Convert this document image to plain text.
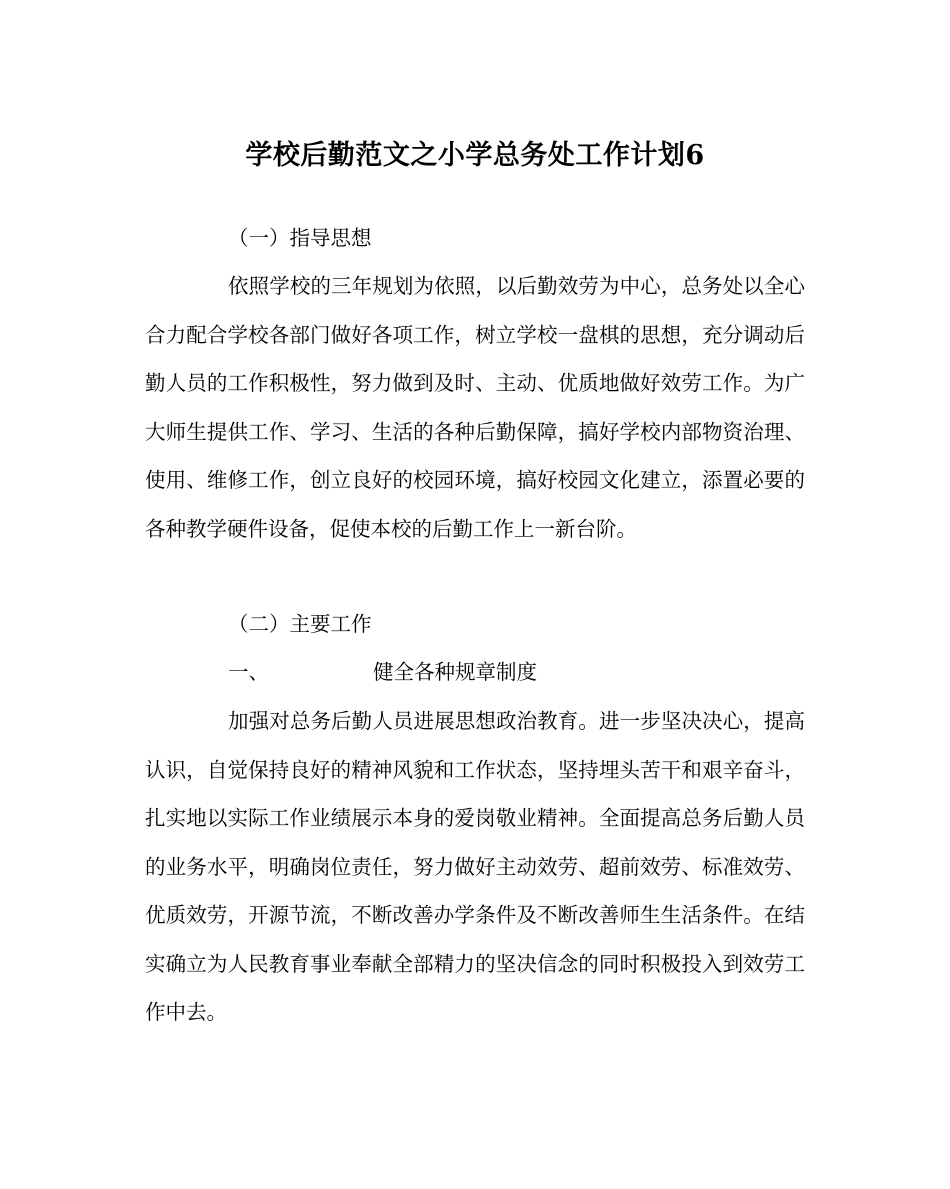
学校后勤范文之小学总务处工作计划6
（一）指导思想

依照学校的三年规划为依照，以后勤效劳为中心，总务处以全心合力配合学校各部门做好各项工作，树立学校一盘棋的思想，充分调动后勤人员的工作积极性，努力做到及时、主动、优质地做好效劳工作。为广大师生提供工作、学习、生活的各种后勤保障，搞好学校内部物资治理、使用、维修工作，创立良好的校园环境，搞好校园文化建立，添置必要的各种教学硬件设备，促使本校的后勤工作上一新台阶。

（二）主要工作
一、	健全各种规章制度

加强对总务后勤人员进展思想政治教育。进一步坚决决心，提高认识，自觉保持良好的精神风貌和工作状态，坚持埋头苦干和艰辛奋斗，扎实地以实际工作业绩展示本身的爱岗敬业精神。全面提高总务后勤人员的业务水平，明确岗位责任，努力做好主动效劳、超前效劳、标准效劳、优质效劳，开源节流，不断改善办学条件及不断改善师生生活条件。在结实确立为人民教育事业奉献全部精力的坚决信念的同时积极投入到效劳工作中去。
